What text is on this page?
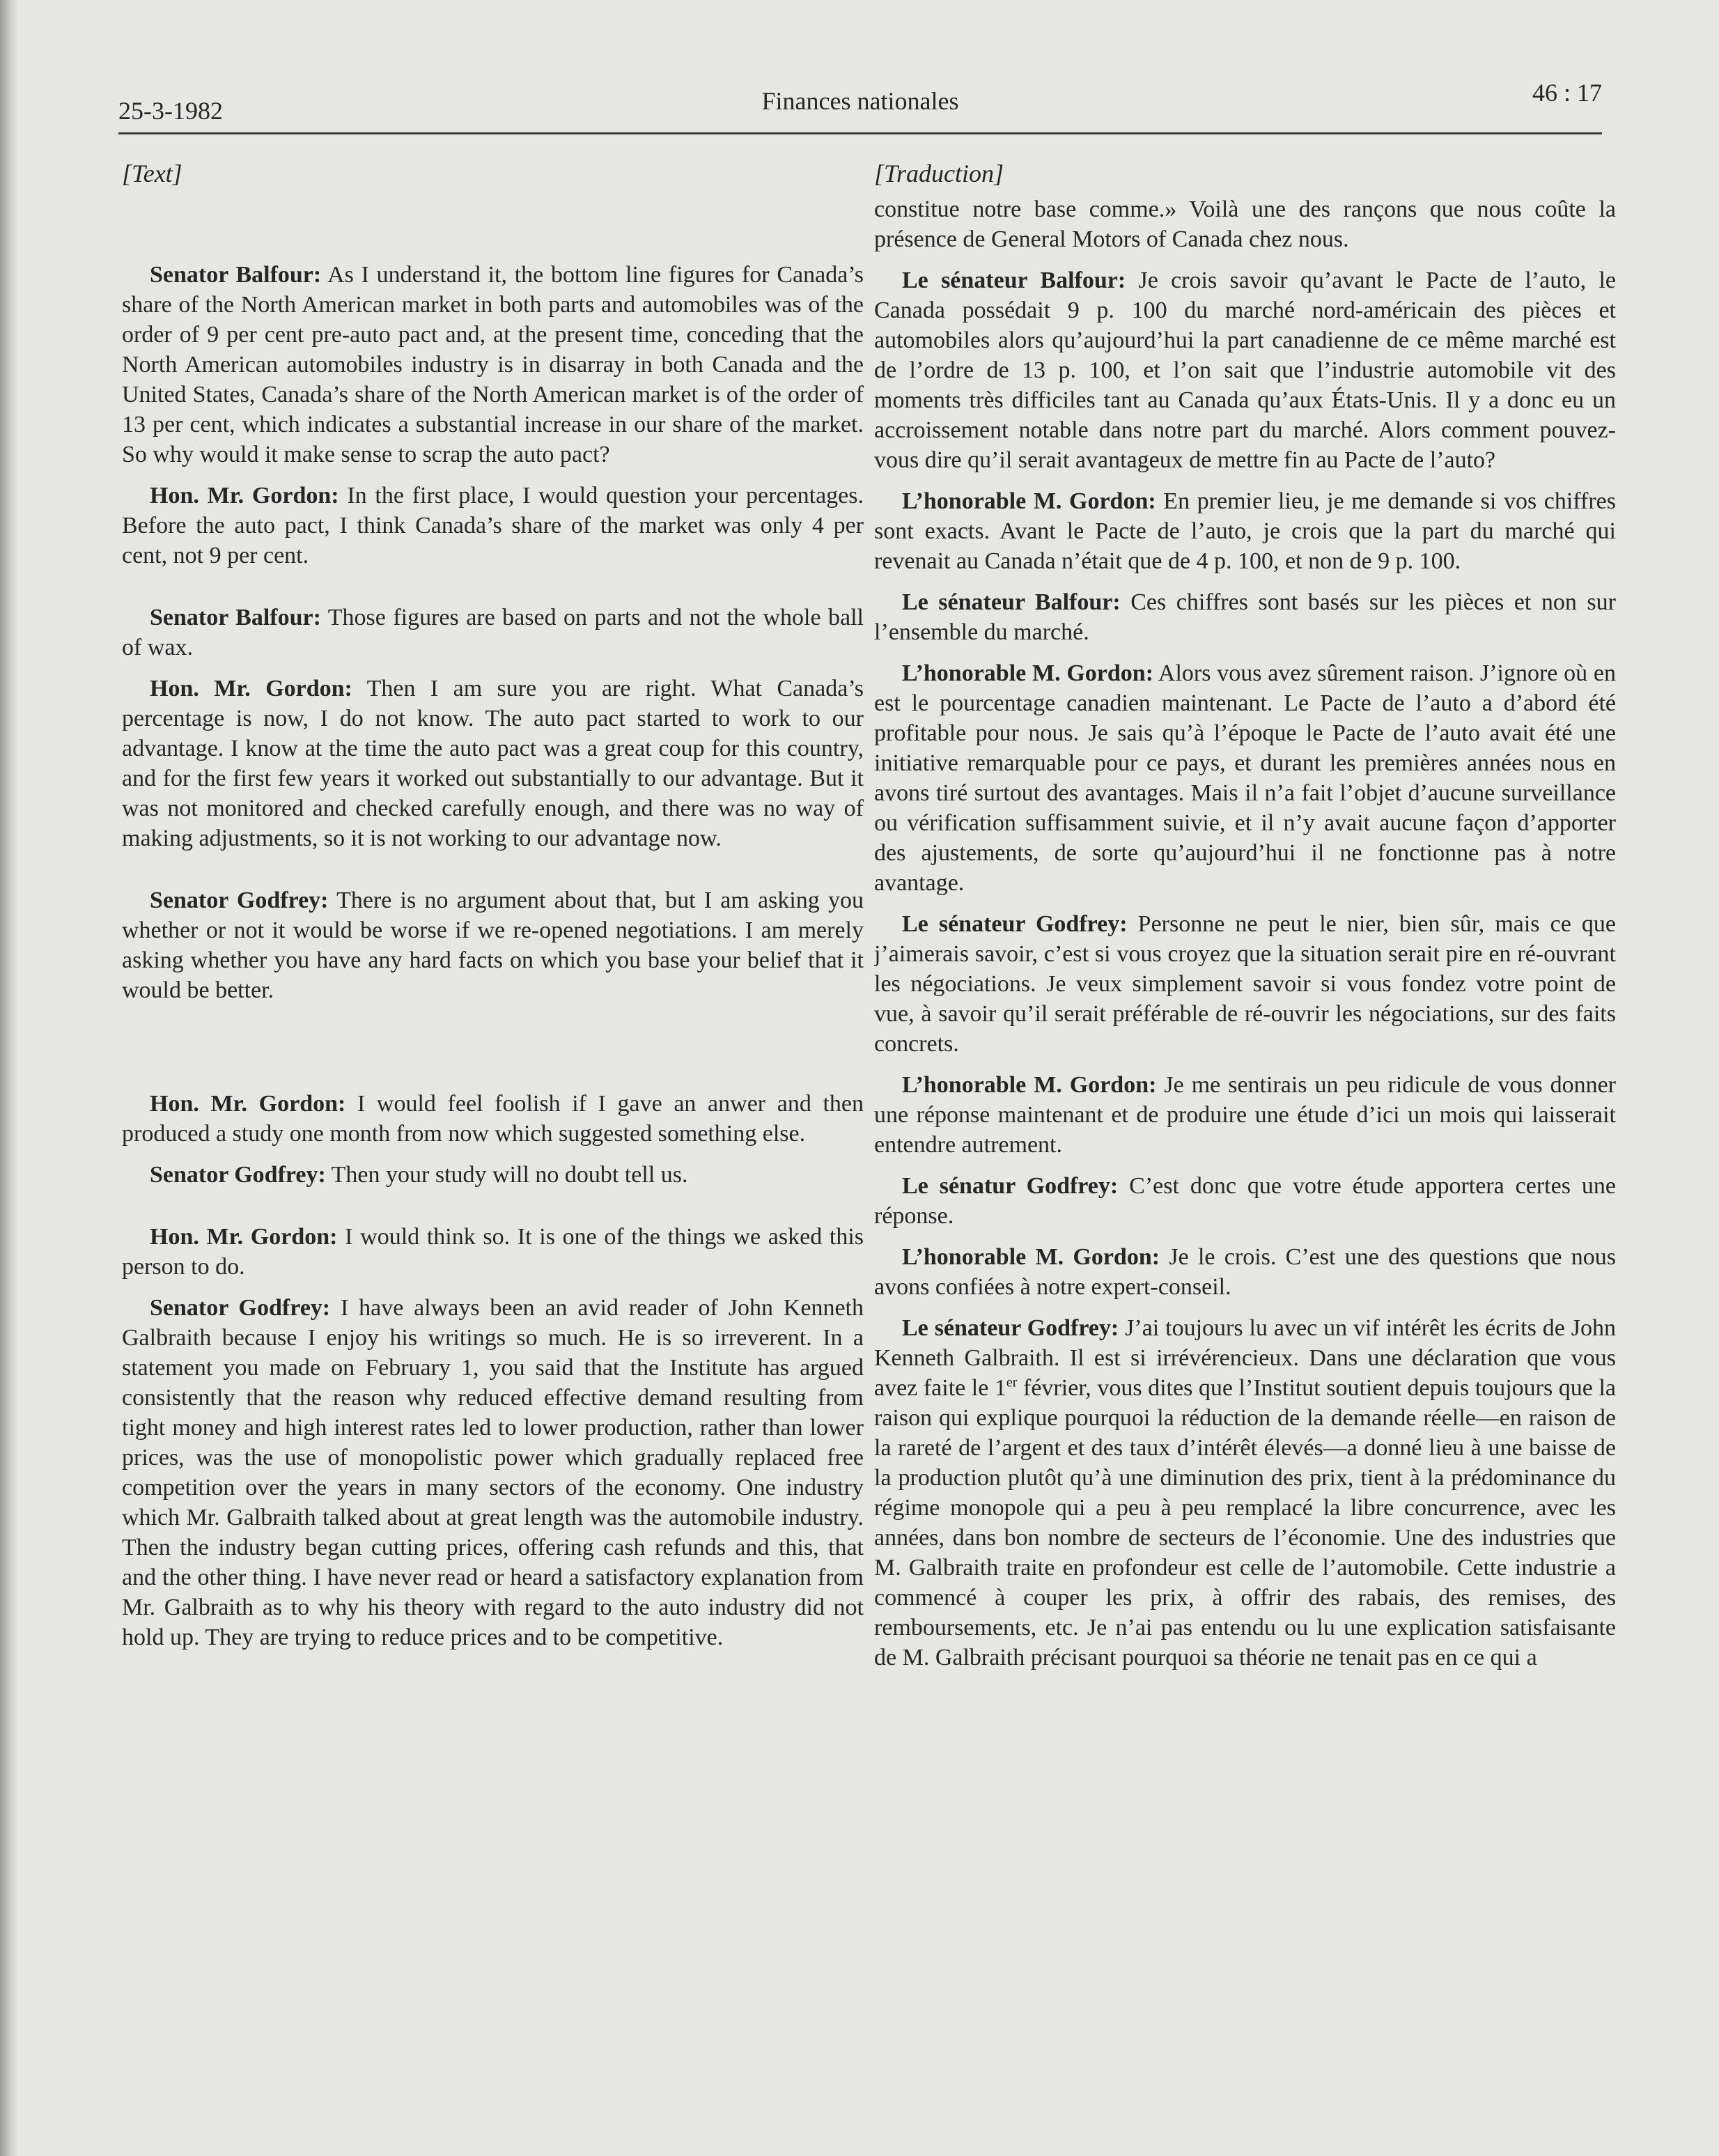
25-3-1982	Finances nationales	46 : 17
[Text]

Senator Balfour: As I understand it, the bottom line figures for Canada’s share of the North American market in both parts and automobiles was of the order of 9 per cent pre-auto pact and, at the present time, conceding that the North American automobiles industry is in disarray in both Canada and the United States, Canada’s share of the North American market is of the order of 13 per cent, which indicates a substantial increase in our share of the market. So why would it make sense to scrap the auto pact?

Hon. Mr. Gordon: In the first place, I would question your percentages. Before the auto pact, I think Canada’s share of the market was only 4 per cent, not 9 per cent.

Senator Balfour: Those figures are based on parts and not the whole ball of wax.

Hon. Mr. Gordon: Then I am sure you are right. What Canada’s percentage is now, I do not know. The auto pact started to work to our advantage. I know at the time the auto pact was a great coup for this country, and for the first few years it worked out substantially to our advantage. But it was not monitored and checked carefully enough, and there was no way of making adjustments, so it is not working to our advantage now.

Senator Godfrey: There is no argument about that, but I am asking you whether or not it would be worse if we re-opened negotiations. I am merely asking whether you have any hard facts on which you base your belief that it would be better.

Hon. Mr. Gordon: I would feel foolish if I gave an anwer and then produced a study one month from now which suggested something else.

Senator Godfrey: Then your study will no doubt tell us.

Hon. Mr. Gordon: I would think so. It is one of the things we asked this person to do.

Senator Godfrey: I have always been an avid reader of John Kenneth Galbraith because I enjoy his writings so much. He is so irreverent. In a statement you made on February 1, you said that the Institute has argued consistently that the reason why reduced effective demand resulting from tight money and high interest rates led to lower production, rather than lower prices, was the use of monopolistic power which gradually replaced free competition over the years in many sectors of the economy. One industry which Mr. Galbraith talked about at great length was the automobile industry. Then the industry began cutting prices, offering cash refunds and this, that and the other thing. I have never read or heard a satisfactory explanation from Mr. Galbraith as to why his theory with regard to the auto industry did not hold up. They are trying to reduce prices and to be competitive.

[Traduction]

constitue notre base comme.» Voilà une des rançons que nous coûte la présence de General Motors of Canada chez nous.

Le sénateur Balfour: Je crois savoir qu’avant le Pacte de l’auto, le Canada possédait 9 p. 100 du marché nord-américain des pièces et automobiles alors qu’aujourd’hui la part canadienne de ce même marché est de l’ordre de 13 p. 100, et l’on sait que l’industrie automobile vit des moments très difficiles tant au Canada qu’aux États-Unis. Il y a donc eu un accroissement notable dans notre part du marché. Alors comment pouvez-vous dire qu’il serait avantageux de mettre fin au Pacte de l’auto?

L’honorable M. Gordon: En premier lieu, je me demande si vos chiffres sont exacts. Avant le Pacte de l’auto, je crois que la part du marché qui revenait au Canada n’était que de 4 p. 100, et non de 9 p. 100.

Le sénateur Balfour: Ces chiffres sont basés sur les pièces et non sur l’ensemble du marché.

L’honorable M. Gordon: Alors vous avez sûrement raison. J’ignore où en est le pourcentage canadien maintenant. Le Pacte de l’auto a d’abord été profitable pour nous. Je sais qu’à l’époque le Pacte de l’auto avait été une initiative remarquable pour ce pays, et durant les premières années nous en avons tiré surtout des avantages. Mais il n’a fait l’objet d’aucune surveillance ou vérification suffisamment suivie, et il n’y avait aucune façon d’apporter des ajustements, de sorte qu’aujourd’hui il ne fonctionne pas à notre avantage.

Le sénateur Godfrey: Personne ne peut le nier, bien sûr, mais ce que j’aimerais savoir, c’est si vous croyez que la situation serait pire en ré-ouvrant les négociations. Je veux simplement savoir si vous fondez votre point de vue, à savoir qu’il serait préférable de ré-ouvrir les négociations, sur des faits concrets.

L’honorable M. Gordon: Je me sentirais un peu ridicule de vous donner une réponse maintenant et de produire une étude d’ici un mois qui laisserait entendre autrement.

Le sénatur Godfrey: C’est donc que votre étude apportera certes une réponse.

L’honorable M. Gordon: Je le crois. C’est une des questions que nous avons confiées à notre expert-conseil.

Le sénateur Godfrey: J’ai toujours lu avec un vif intérêt les écrits de John Kenneth Galbraith. Il est si irrévérencieux. Dans une déclaration que vous avez faite le 1er février, vous dites que l’Institut soutient depuis toujours que la raison qui explique pourquoi la réduction de la demande réelle—en raison de la rareté de l’argent et des taux d’intérêt élevés—a donné lieu à une baisse de la production plutôt qu’à une diminution des prix, tient à la prédominance du régime monopole qui a peu à peu remplacé la libre concurrence, avec les années, dans bon nombre de secteurs de l’économie. Une des industries que M. Galbraith traite en profondeur est celle de l’automobile. Cette industrie a commencé à couper les prix, à offrir des rabais, des remises, des remboursements, etc. Je n’ai pas entendu ou lu une explication satisfaisante de M. Galbraith précisant pourquoi sa théorie ne tenait pas en ce qui a
